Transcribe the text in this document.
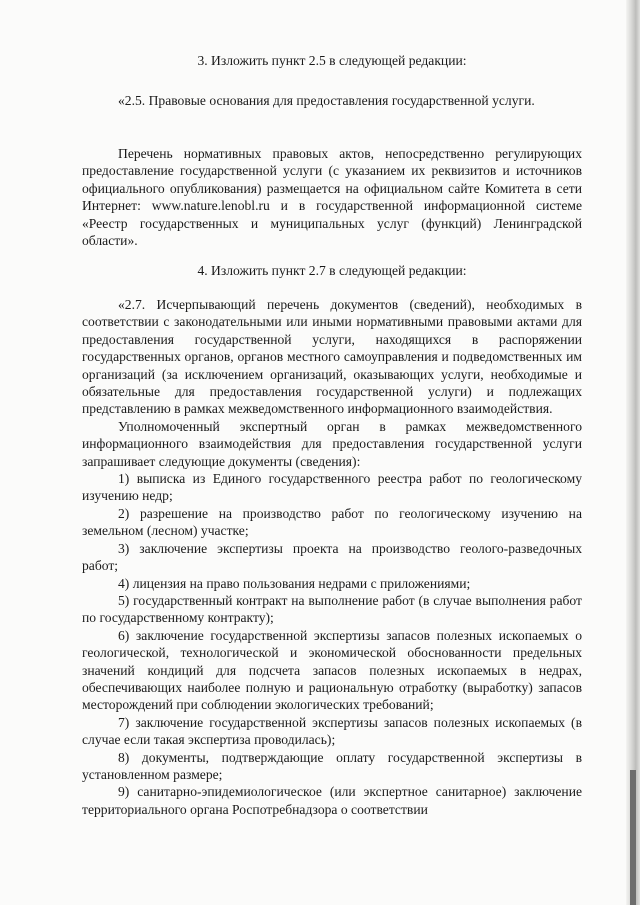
3. Изложить пункт 2.5 в следующей редакции:

«2.5. Правовые основания для предоставления государственной услуги.

Перечень нормативных правовых актов, непосредственно регулирующих предоставление государственной услуги (с указанием их реквизитов и источников официального опубликования) размещается на официальном сайте Комитета в сети Интернет: www.nature.lenobl.ru и в государственной информационной системе «Реестр государственных и муниципальных услуг (функций) Ленинградской области».

4. Изложить пункт 2.7 в следующей редакции:

«2.7. Исчерпывающий перечень документов (сведений), необходимых в соответствии с законодательными или иными нормативными правовыми актами для предоставления государственной услуги, находящихся в распоряжении государственных органов, органов местного самоуправления и подведомственных им организаций (за исключением организаций, оказывающих услуги, необходимые и обязательные для предоставления государственной услуги) и подлежащих представлению в рамках межведомственного информационного взаимодействия.

Уполномоченный экспертный орган в рамках межведомственного информационного взаимодействия для предоставления государственной услуги запрашивает следующие документы (сведения):

1) выписка из Единого государственного реестра работ по геологическому изучению недр;

2) разрешение на производство работ по геологическому изучению на земельном (лесном) участке;

3) заключение экспертизы проекта на производство геолого-разведочных работ;

4) лицензия на право пользования недрами с приложениями;

5) государственный контракт на выполнение работ (в случае выполнения работ по государственному контракту);

6) заключение государственной экспертизы запасов полезных ископаемых о геологической, технологической и экономической обоснованности предельных значений кондиций для подсчета запасов полезных ископаемых в недрах, обеспечивающих наиболее полную и рациональную отработку (выработку) запасов месторождений при соблюдении экологических требований;

7) заключение государственной экспертизы запасов полезных ископаемых (в случае если такая экспертиза проводилась);

8) документы, подтверждающие оплату государственной экспертизы в установленном размере;

9) санитарно-эпидемиологическое (или экспертное санитарное) заключение территориального органа Роспотребнадзора о соответствии
